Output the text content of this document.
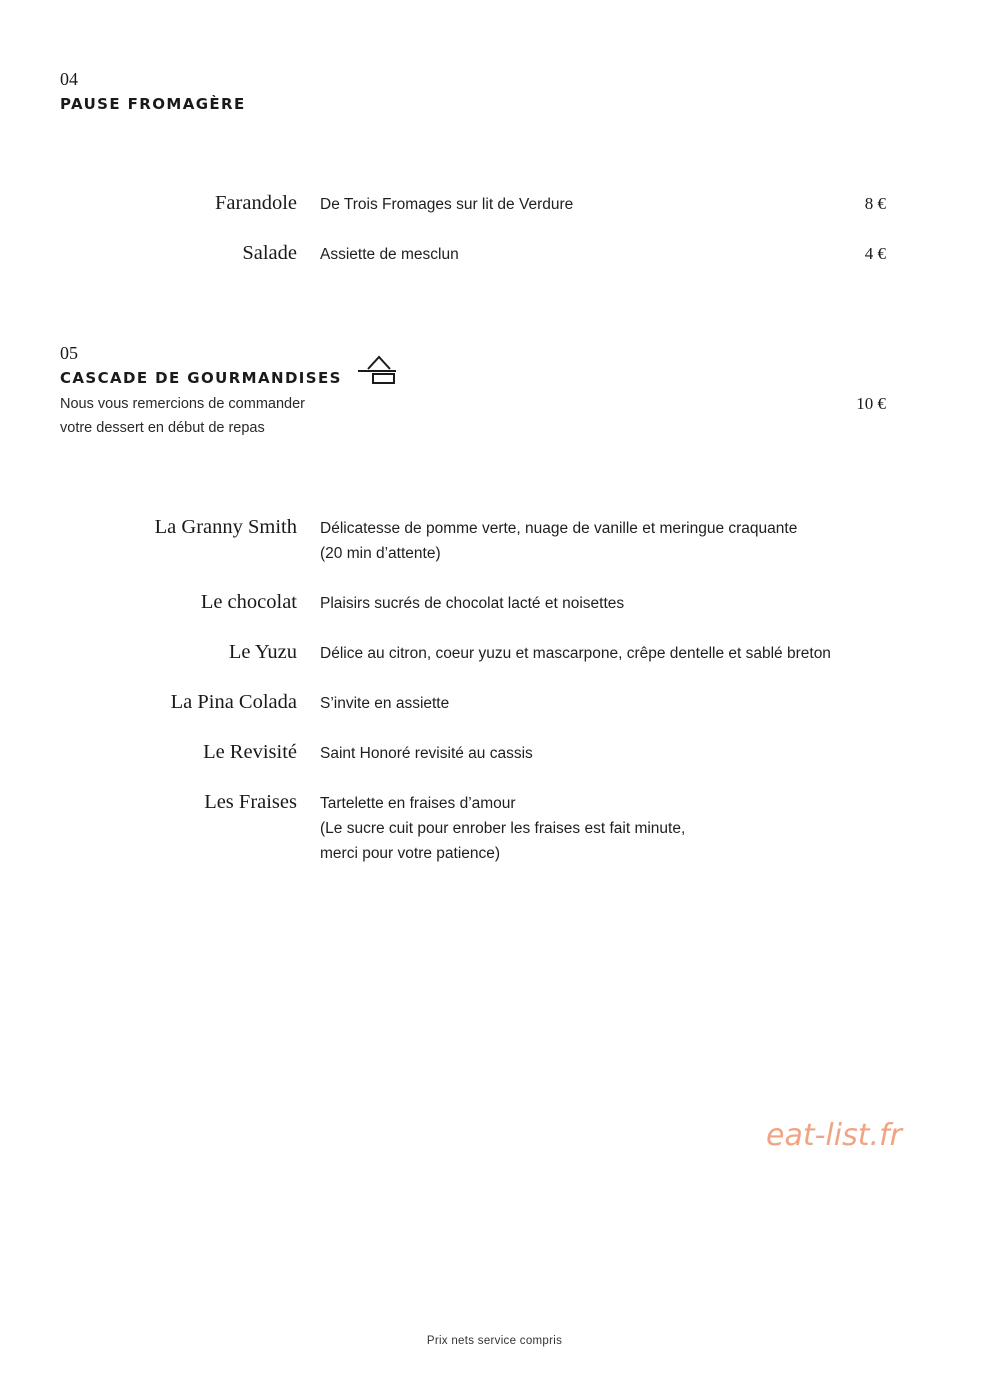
04
PAUSE FROMAGÈRE
Farandole De Trois Fromages sur lit de Verdure	8 €
Salade Assiette de mesclun	4 €
05
CASCADE DE GOURMANDISES
Nous vous remercions de commander
votre dessert en début de repas
10 €
La Granny Smith Délicatesse de pomme verte, nuage de vanille et meringue craquante
(20 min d’attente)
Le chocolat Plaisirs sucrés de chocolat lacté et noisettes
Le Yuzu Délice au citron, coeur yuzu et mascarpone, crêpe dentelle et sablé breton
La Pina Colada S’invite en assiette
Le Revisité Saint Honoré revisité au cassis
Les Fraises Tartelette en fraises d’amour
(Le sucre cuit pour enrober les fraises est fait minute,
merci pour votre patience)
eat-list.fr
Prix nets service compris
